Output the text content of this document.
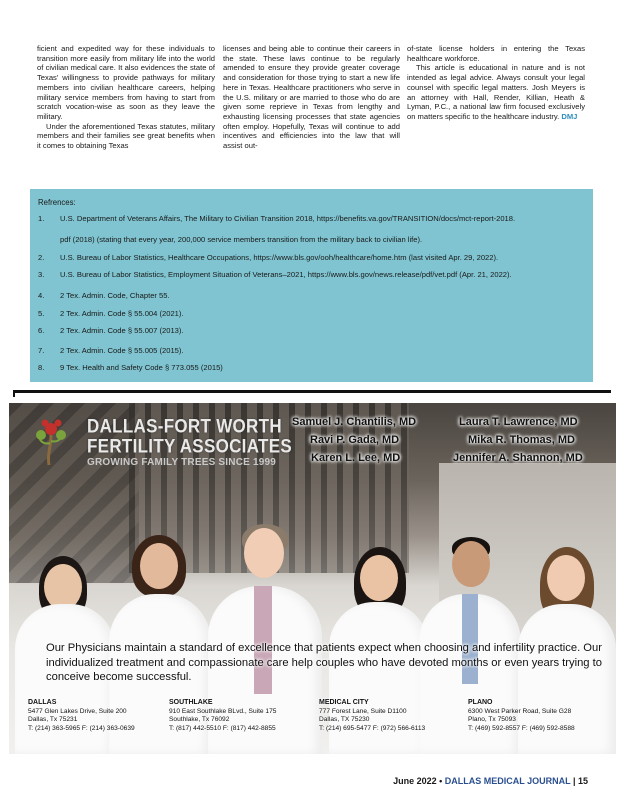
ficient and expedited way for these individuals to transition more easily from military life into the world of civilian medical care. It also evidences the state of Texas' willingness to provide pathways for military members into civilian healthcare careers, helping military service members from having to start from scratch vocation-wise as soon as they leave the military.

Under the aforementioned Texas statutes, military members and their families see great benefits when it comes to obtaining Texas

licenses and being able to continue their careers in the state. These laws continue to be regularly amended to ensure they provide greater coverage and consideration for those trying to start a new life here in Texas. Healthcare practitioners who serve in the U.S. military or are married to those who do are given some reprieve in Texas from lengthy and exhausting licensing processes that state agencies often employ. Hopefully, Texas will continue to add incentives and efficiencies into the law that will assist out-

of-state license holders in entering the Texas healthcare workforce.

This article is educational in nature and is not intended as legal advice. Always consult your legal counsel with specific legal matters. Josh Meyers is an attorney with Hall, Render, Killian, Heath & Lyman, P.C., a national law firm focused exclusively on matters specific to the healthcare industry. DMJ

Refrences:
1. U.S. Department of Veterans Affairs, The Military to Civilian Transition 2018, https://benefits.va.gov/TRANSITION/docs/mct-report-2018.
pdf (2018) (stating that every year, 200,000 service members transition from the military back to civilian life).
2. U.S. Bureau of Labor Statistics, Healthcare Occupations, https://www.bls.gov/ooh/healthcare/home.htm (last visited Apr. 29, 2022).
3. U.S. Bureau of Labor Statistics, Employment Situation of Veterans–2021, https://www.bls.gov/news.release/pdf/vet.pdf (Apr. 21, 2022).
4. 2 Tex. Admin. Code, Chapter 55.
5. 2 Tex. Admin. Code § 55.004 (2021).
6. 2 Tex. Admin. Code § 55.007 (2013).
7. 2 Tex. Admin. Code § 55.005 (2015).
8. 9 Tex. Health and Safety Code § 773.055 (2015)
DALLAS-FORT WORTH
FERTILITY ASSOCIATES
GROWING FAMILY TREES SINCE 1999
Samuel J. Chantilis, MD
Ravi P. Gada, MD
Karen L. Lee, MD
Laura T. Lawrence, MD
Mika R. Thomas, MD
Jennifer A. Shannon, MD
Our Physicians maintain a standard of excellence that patients expect when choosing and infertility practice. Our individualized treatment and compassionate care help couples who have devoted months or even years trying to conceive become successful.
DALLAS
5477 Glen Lakes Drive, Suite 200
Dallas, Tx 75231
T: (214) 363-5965 F: (214) 363-0639
SOUTHLAKE
910 East Southlake BLvd., Suite 175
Southlake, Tx 76092
T: (817) 442-5510 F: (817) 442-8855
MEDICAL CITY
777 Forest Lane, Suite D1100
Dallas, TX 75230
T: (214) 695-5477 F: (972) 566-6113
PLANO
6300 West Parker Road, Suite G28
Plano, Tx 75093
T: (469) 592-8557 F: (469) 592-8588
June 2022 • DALLAS MEDICAL JOURNAL | 15
